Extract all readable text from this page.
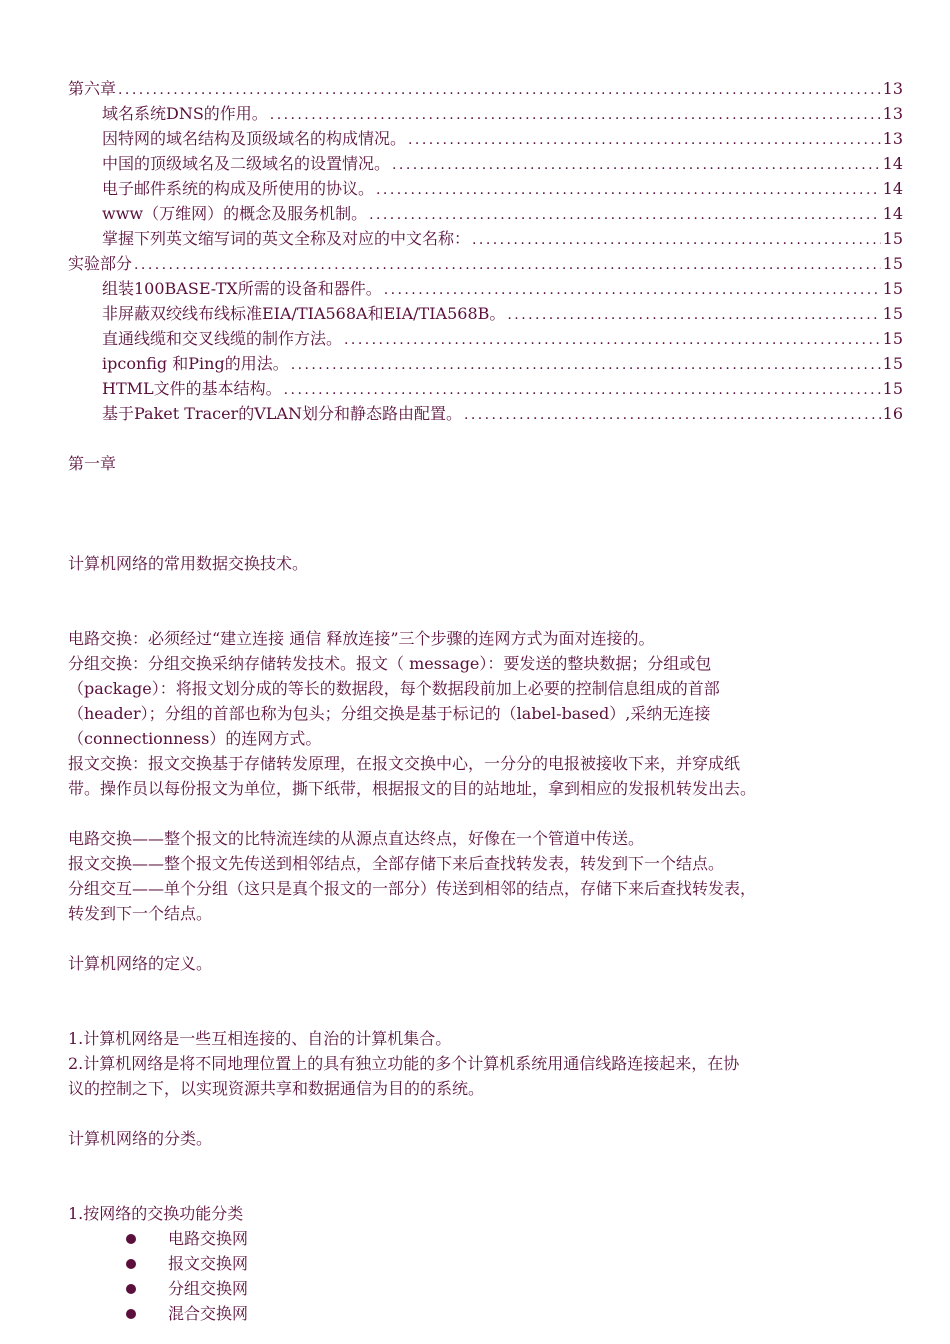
第六章 . . .	13
域名系统DNS的作用。 . . .	13
因特网的域名结构及顶级域名的构成情况。 . . .	13
中国的顶级域名及二级域名的设置情况。 . . .	14
电子邮件系统的构成及所使用的协议。 . . .	14
www（万维网）的概念及服务机制。 . . .	14
掌握下列英文缩写词的英文全称及对应的中文名称： . . .	15
实验部分 . . .	15
组装100BASE-TX所需的设备和器件。 . . .	15
非屏蔽双绞线布线标准EIA/TIA568A和EIA/TIA568B。 . . .	15
直通线缆和交叉线缆的制作方法。 . . .	15
ipconfig 和Ping的用法。 . . .	15
HTML文件的基本结构。 . . .	15
基于Paket Tracer的VLAN划分和静态路由配置。 . . .	16

第一章

计算机网络的常用数据交换技术。

电路交换：必须经过“建立连接 通信 释放连接”三个步骤的连网方式为面对连接的。

分组交换：分组交换采纳存储转发技术。报文（ message）：要发送的整块数据；分组或包

（package）：将报文划分成的等长的数据段，每个数据段前加上必要的控制信息组成的首部

（header）；分组的首部也称为包头；分组交换是基于标记的（label-based）,采纳无连接

（connectionness）的连网方式。

报文交换：报文交换基于存储转发原理，在报文交换中心，一分分的电报被接收下来，并穿成纸

带。操作员以每份报文为单位，撕下纸带，根据报文的目的站地址，拿到相应的发报机转发出去。

电路交换——整个报文的比特流连续的从源点直达终点，好像在一个管道中传送。

报文交换——整个报文先传送到相邻结点，全部存储下来后查找转发表，转发到下一个结点。

分组交互——单个分组（这只是真个报文的一部分）传送到相邻的结点，存储下来后查找转发表，

转发到下一个结点。

计算机网络的定义。

1.计算机网络是一些互相连接的、自治的计算机集合。

2.计算机网络是将不同地理位置上的具有独立功能的多个计算机系统用通信线路连接起来，在协

议的控制之下，以实现资源共享和数据通信为目的的系统。

计算机网络的分类。

1.按网络的交换功能分类

电路交换网
报文交换网
分组交换网
混合交换网
